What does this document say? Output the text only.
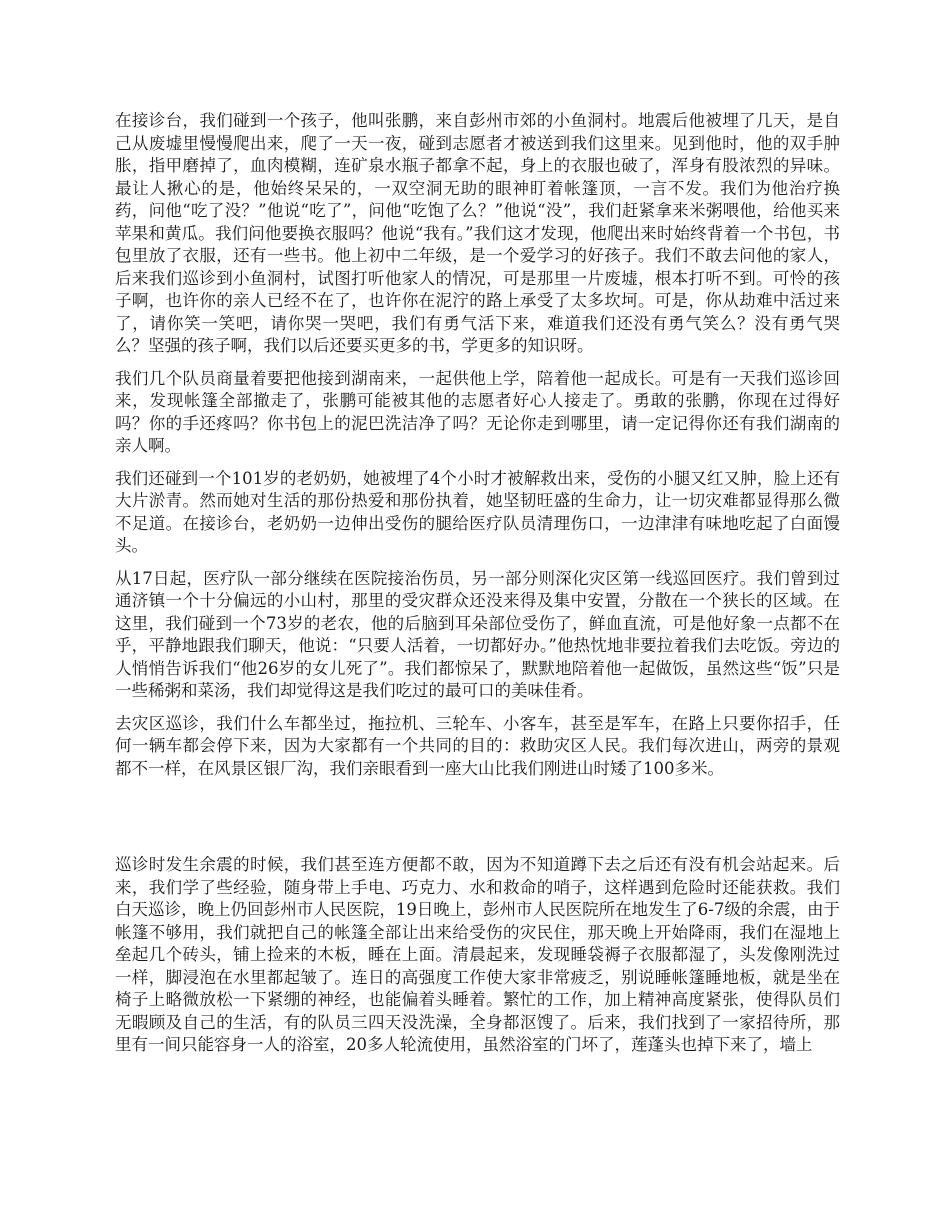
在接诊台，我们碰到一个孩子，他叫张鹏，来自彭州市郊的小鱼洞村。地震后他被埋了几天，是自己从废墟里慢慢爬出来，爬了一天一夜，碰到志愿者才被送到我们这里来。见到他时，他的双手肿胀，指甲磨掉了，血肉模糊，连矿泉水瓶子都拿不起，身上的衣服也破了，浑身有股浓烈的异味。最让人揪心的是，他始终呆呆的，一双空洞无助的眼神盯着帐篷顶，一言不发。我们为他治疗换药，问他“吃了没？”他说“吃了”，问他“吃饱了么？”他说“没”，我们赶紧拿来米粥喂他，给他买来苹果和黄瓜。我们问他要换衣服吗？他说“我有。”我们这才发现，他爬出来时始终背着一个书包，书包里放了衣服，还有一些书。他上初中二年级，是一个爱学习的好孩子。我们不敢去问他的家人，后来我们巡诊到小鱼洞村，试图打听他家人的情况，可是那里一片废墟，根本打听不到。可怜的孩子啊，也许你的亲人已经不在了，也许你在泥泞的路上承受了太多坎坷。可是，你从劫难中活过来了，请你笑一笑吧，请你哭一哭吧，我们有勇气活下来，难道我们还没有勇气笑么？没有勇气哭么？坚强的孩子啊，我们以后还要买更多的书，学更多的知识呀。

我们几个队员商量着要把他接到湖南来，一起供他上学，陪着他一起成长。可是有一天我们巡诊回来，发现帐篷全部撤走了，张鹏可能被其他的志愿者好心人接走了。勇敢的张鹏，你现在过得好吗？你的手还疼吗？你书包上的泥巴洗洁净了吗？无论你走到哪里，请一定记得你还有我们湖南的亲人啊。

我们还碰到一个101岁的老奶奶，她被埋了4个小时才被解救出来，受伤的小腿又红又肿，脸上还有大片淤青。然而她对生活的那份热爱和那份执着，她坚韧旺盛的生命力，让一切灾难都显得那么微不足道。在接诊台，老奶奶一边伸出受伤的腿给医疗队员清理伤口，一边津津有味地吃起了白面馒头。

从17日起，医疗队一部分继续在医院接治伤员，另一部分则深化灾区第一线巡回医疗。我们曾到过通济镇一个十分偏远的小山村，那里的受灾群众还没来得及集中安置，分散在一个狭长的区域。在这里，我们碰到一个73岁的老农，他的后脑到耳朵部位受伤了，鲜血直流，可是他好象一点都不在乎，平静地跟我们聊天，他说：“只要人活着，一切都好办。”他热忱地非要拉着我们去吃饭。旁边的人悄悄告诉我们“他26岁的女儿死了”。我们都惊呆了，默默地陪着他一起做饭，虽然这些“饭”只是一些稀粥和菜汤，我们却觉得这是我们吃过的最可口的美味佳肴。

去灾区巡诊，我们什么车都坐过，拖拉机、三轮车、小客车，甚至是军车，在路上只要你招手，任何一辆车都会停下来，因为大家都有一个共同的目的：救助灾区人民。我们每次进山，两旁的景观都不一样，在风景区银厂沟，我们亲眼看到一座大山比我们刚进山时矮了100多米。

巡诊时发生余震的时候，我们甚至连方便都不敢，因为不知道蹲下去之后还有没有机会站起来。后来，我们学了些经验，随身带上手电、巧克力、水和救命的哨子，这样遇到危险时还能获救。我们白天巡诊，晚上仍回彭州市人民医院，19日晚上，彭州市人民医院所在地发生了6-7级的余震，由于帐篷不够用，我们就把自己的帐篷全部让出来给受伤的灾民住，那天晚上开始降雨，我们在湿地上垒起几个砖头，铺上捡来的木板，睡在上面。清晨起来，发现睡袋褥子衣服都湿了，头发像刚洗过一样，脚浸泡在水里都起皱了。连日的高强度工作使大家非常疲乏，别说睡帐篷睡地板，就是坐在椅子上略微放松一下紧绷的神经，也能偏着头睡着。繁忙的工作，加上精神高度紧张，使得队员们无暇顾及自己的生活，有的队员三四天没洗澡，全身都沤馊了。后来，我们找到了一家招待所，那里有一间只能容身一人的浴室，20多人轮流使用，虽然浴室的门坏了，莲蓬头也掉下来了，墙上
